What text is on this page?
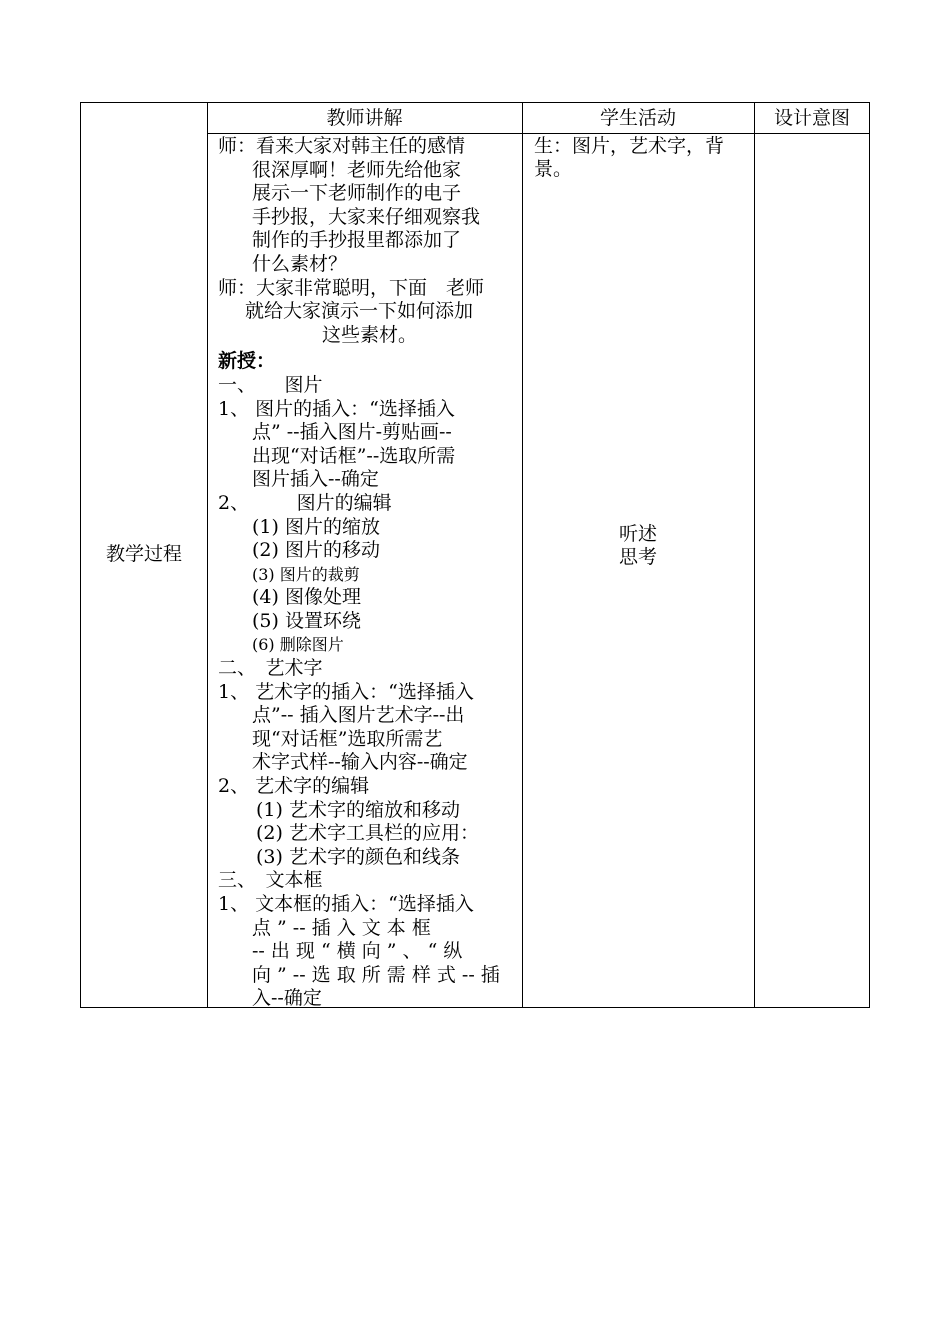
教师讲解	学生活动	设计意图
教学过程
师：看来大家对韩主任的感情
很深厚啊！老师先给他家
展示一下老师制作的电子
手抄报，大家来仔细观察我
制作的手抄报里都添加了
什么素材？
师：大家非常聪明，下面　老师
就给大家演示一下如何添加
这些素材。
新授：
一、　　图片
1、 图片的插入：“选择插入
点” --插入图片-剪贴画--
出现“对话框”--选取所需
图片插入--确定
2、　　　图片的编辑
(1) 图片的缩放
(2) 图片的移动
(3) 图片的裁剪
(4) 图像处理
(5) 设置环绕
(6) 删除图片
二、　艺术字
1、 艺术字的插入：“选择插入
点”-- 插入图片艺术字--出
现“对话框”选取所需艺
术字式样--输入内容--确定
2、 艺术字的编辑
(1) 艺术字的缩放和移动
(2) 艺术字工具栏的应用：
(3) 艺术字的颜色和线条
三、　文本框
1、 文本框的插入：“选择插入
点 ” -- 插 入 文 本 框
-- 出 现 “ 横 向 ” 、 “ 纵
向 ” -- 选 取 所 需 样 式 -- 插
入--确定
生：图片，艺术字，背景。
听述
思考
